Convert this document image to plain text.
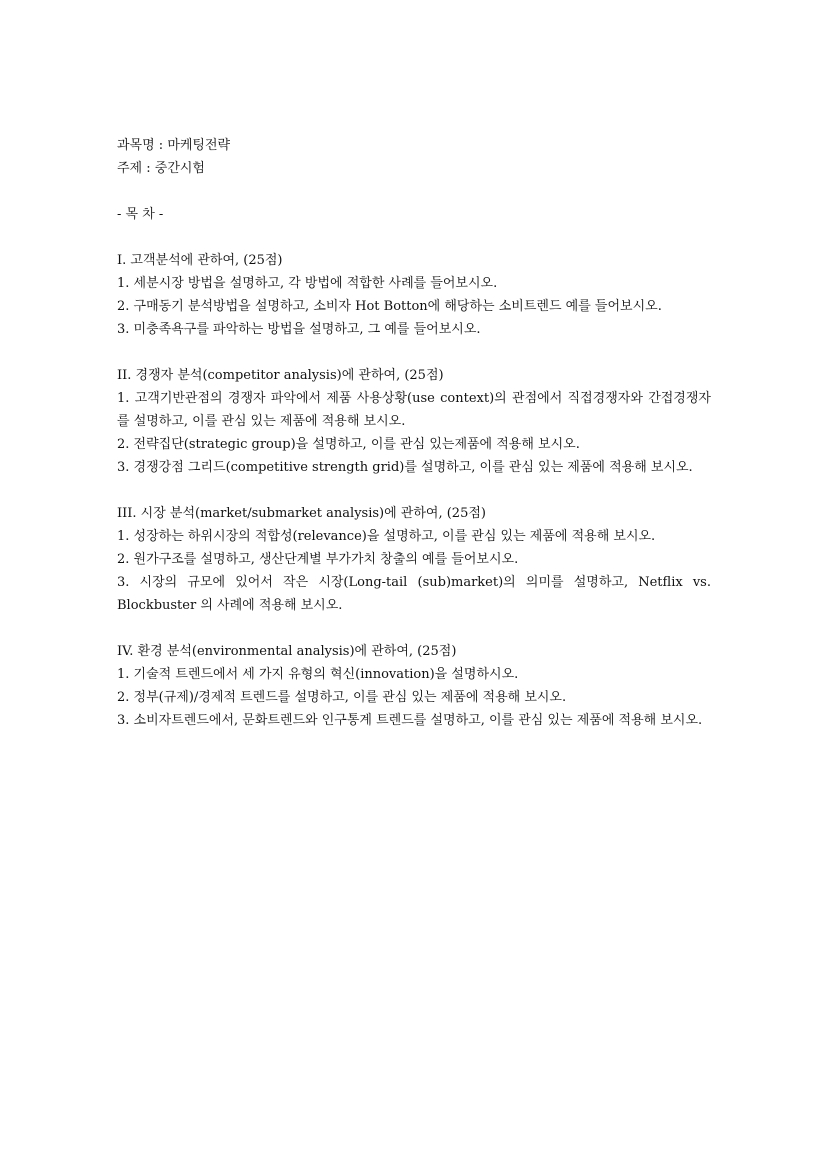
과목명 : 마케팅전략
주제 : 중간시험
- 목 차 -
I. 고객분석에 관하여, (25점)
1. 세분시장 방법을 설명하고, 각 방법에 적합한 사례를 들어보시오.
2. 구매동기 분석방법을 설명하고, 소비자 Hot Botton에 해당하는 소비트렌드 예를 들어보시오.
3. 미충족욕구를 파악하는 방법을 설명하고, 그 예를 들어보시오.
II. 경쟁자 분석(competitor analysis)에 관하여, (25점)
1. 고객기반관점의 경쟁자 파악에서 제품 사용상황(use context)의 관점에서 직접경쟁자와 간접경쟁자를 설명하고, 이를 관심 있는 제품에 적용해 보시오.
2. 전략집단(strategic group)을 설명하고, 이를 관심 있는제품에 적용해 보시오.
3. 경쟁강점 그리드(competitive strength grid)를 설명하고, 이를 관심 있는 제품에 적용해 보시오.
III. 시장 분석(market/submarket analysis)에 관하여, (25점)
1. 성장하는 하위시장의 적합성(relevance)을 설명하고, 이를 관심 있는 제품에 적용해 보시오.
2. 원가구조를 설명하고, 생산단계별 부가가치 창출의 예를 들어보시오.
3. 시장의 규모에 있어서 작은 시장(Long-tail (sub)market)의 의미를 설명하고, Netflix vs. Blockbuster 의 사례에 적용해 보시오.
IV. 환경 분석(environmental analysis)에 관하여, (25점)
1. 기술적 트렌드에서 세 가지 유형의 혁신(innovation)을 설명하시오.
2. 정부(규제)/경제적 트렌드를 설명하고, 이를 관심 있는 제품에 적용해 보시오.
3. 소비자트렌드에서, 문화트렌드와 인구통계 트렌드를 설명하고, 이를 관심 있는 제품에 적용해 보시오.
